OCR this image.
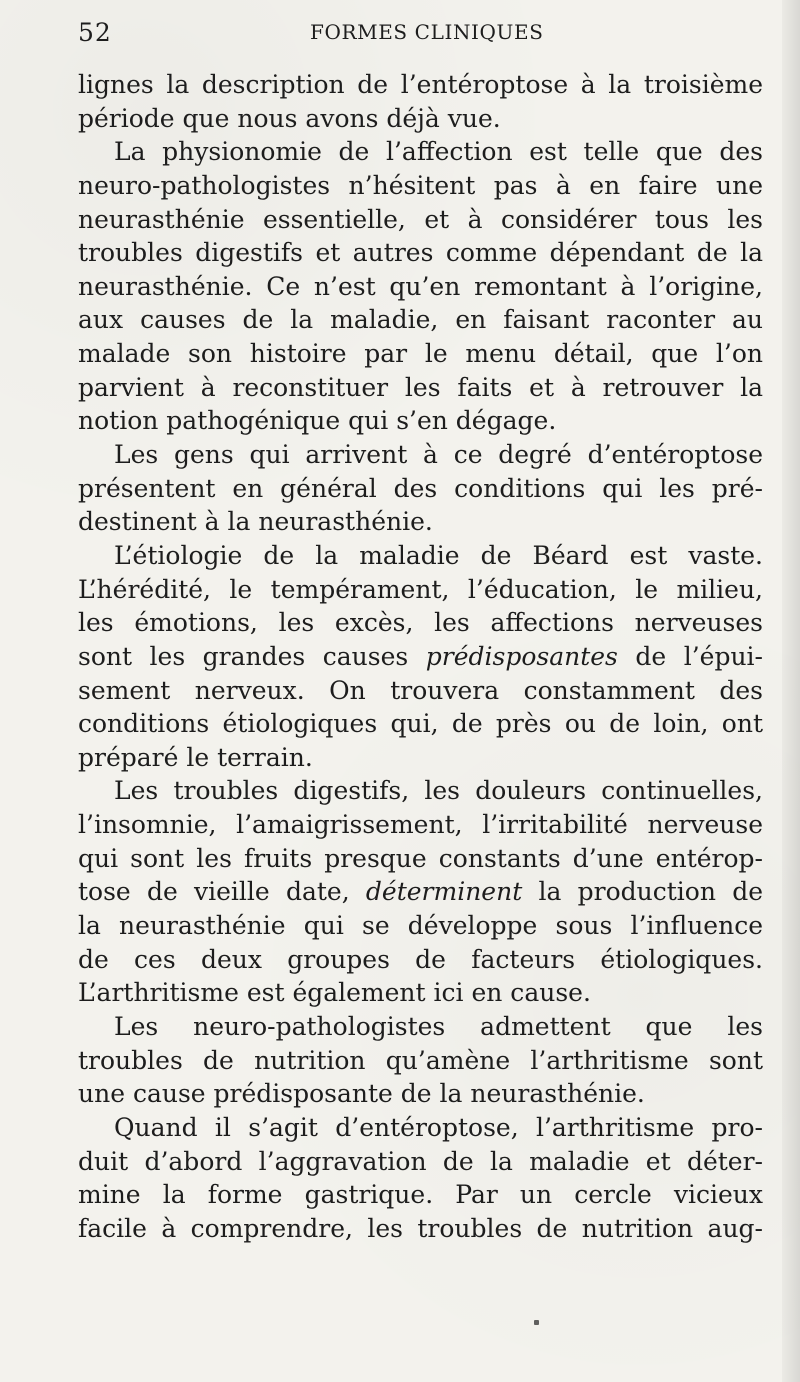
52	FORMES CLINIQUES
lignes la description de l’entéroptose à la troisième
période que nous avons déjà vue.
La physionomie de l’affection est telle que des
neuro-pathologistes n’hésitent pas à en faire une
neurasthénie essentielle, et à considérer tous les
troubles digestifs et autres comme dépendant de la
neurasthénie. Ce n’est qu’en remontant à l’origine,
aux causes de la maladie, en faisant raconter au
malade son histoire par le menu détail, que l’on
parvient à reconstituer les faits et à retrouver la
notion pathogénique qui s’en dégage.
Les gens qui arrivent à ce degré d’entéroptose
présentent en général des conditions qui les pré-
destinent à la neurasthénie.
L’étiologie de la maladie de Béard est vaste.
L’hérédité, le tempérament, l’éducation, le milieu,
les émotions, les excès, les affections nerveuses
sont les grandes causes prédisposantes de l’épui-
sement nerveux. On trouvera constamment des
conditions étiologiques qui, de près ou de loin, ont
préparé le terrain.
Les troubles digestifs, les douleurs continuelles,
l’insomnie, l’amaigrissement, l’irritabilité nerveuse
qui sont les fruits presque constants d’une entérop-
tose de vieille date, déterminent la production de
la neurasthénie qui se développe sous l’influence
de ces deux groupes de facteurs étiologiques.
L’arthritisme est également ici en cause.
Les neuro-pathologistes admettent que les
troubles de nutrition qu’amène l’arthritisme sont
une cause prédisposante de la neurasthénie.
Quand il s’agit d’entéroptose, l’arthritisme pro-
duit d’abord l’aggravation de la maladie et déter-
mine la forme gastrique. Par un cercle vicieux
facile à comprendre, les troubles de nutrition aug-
